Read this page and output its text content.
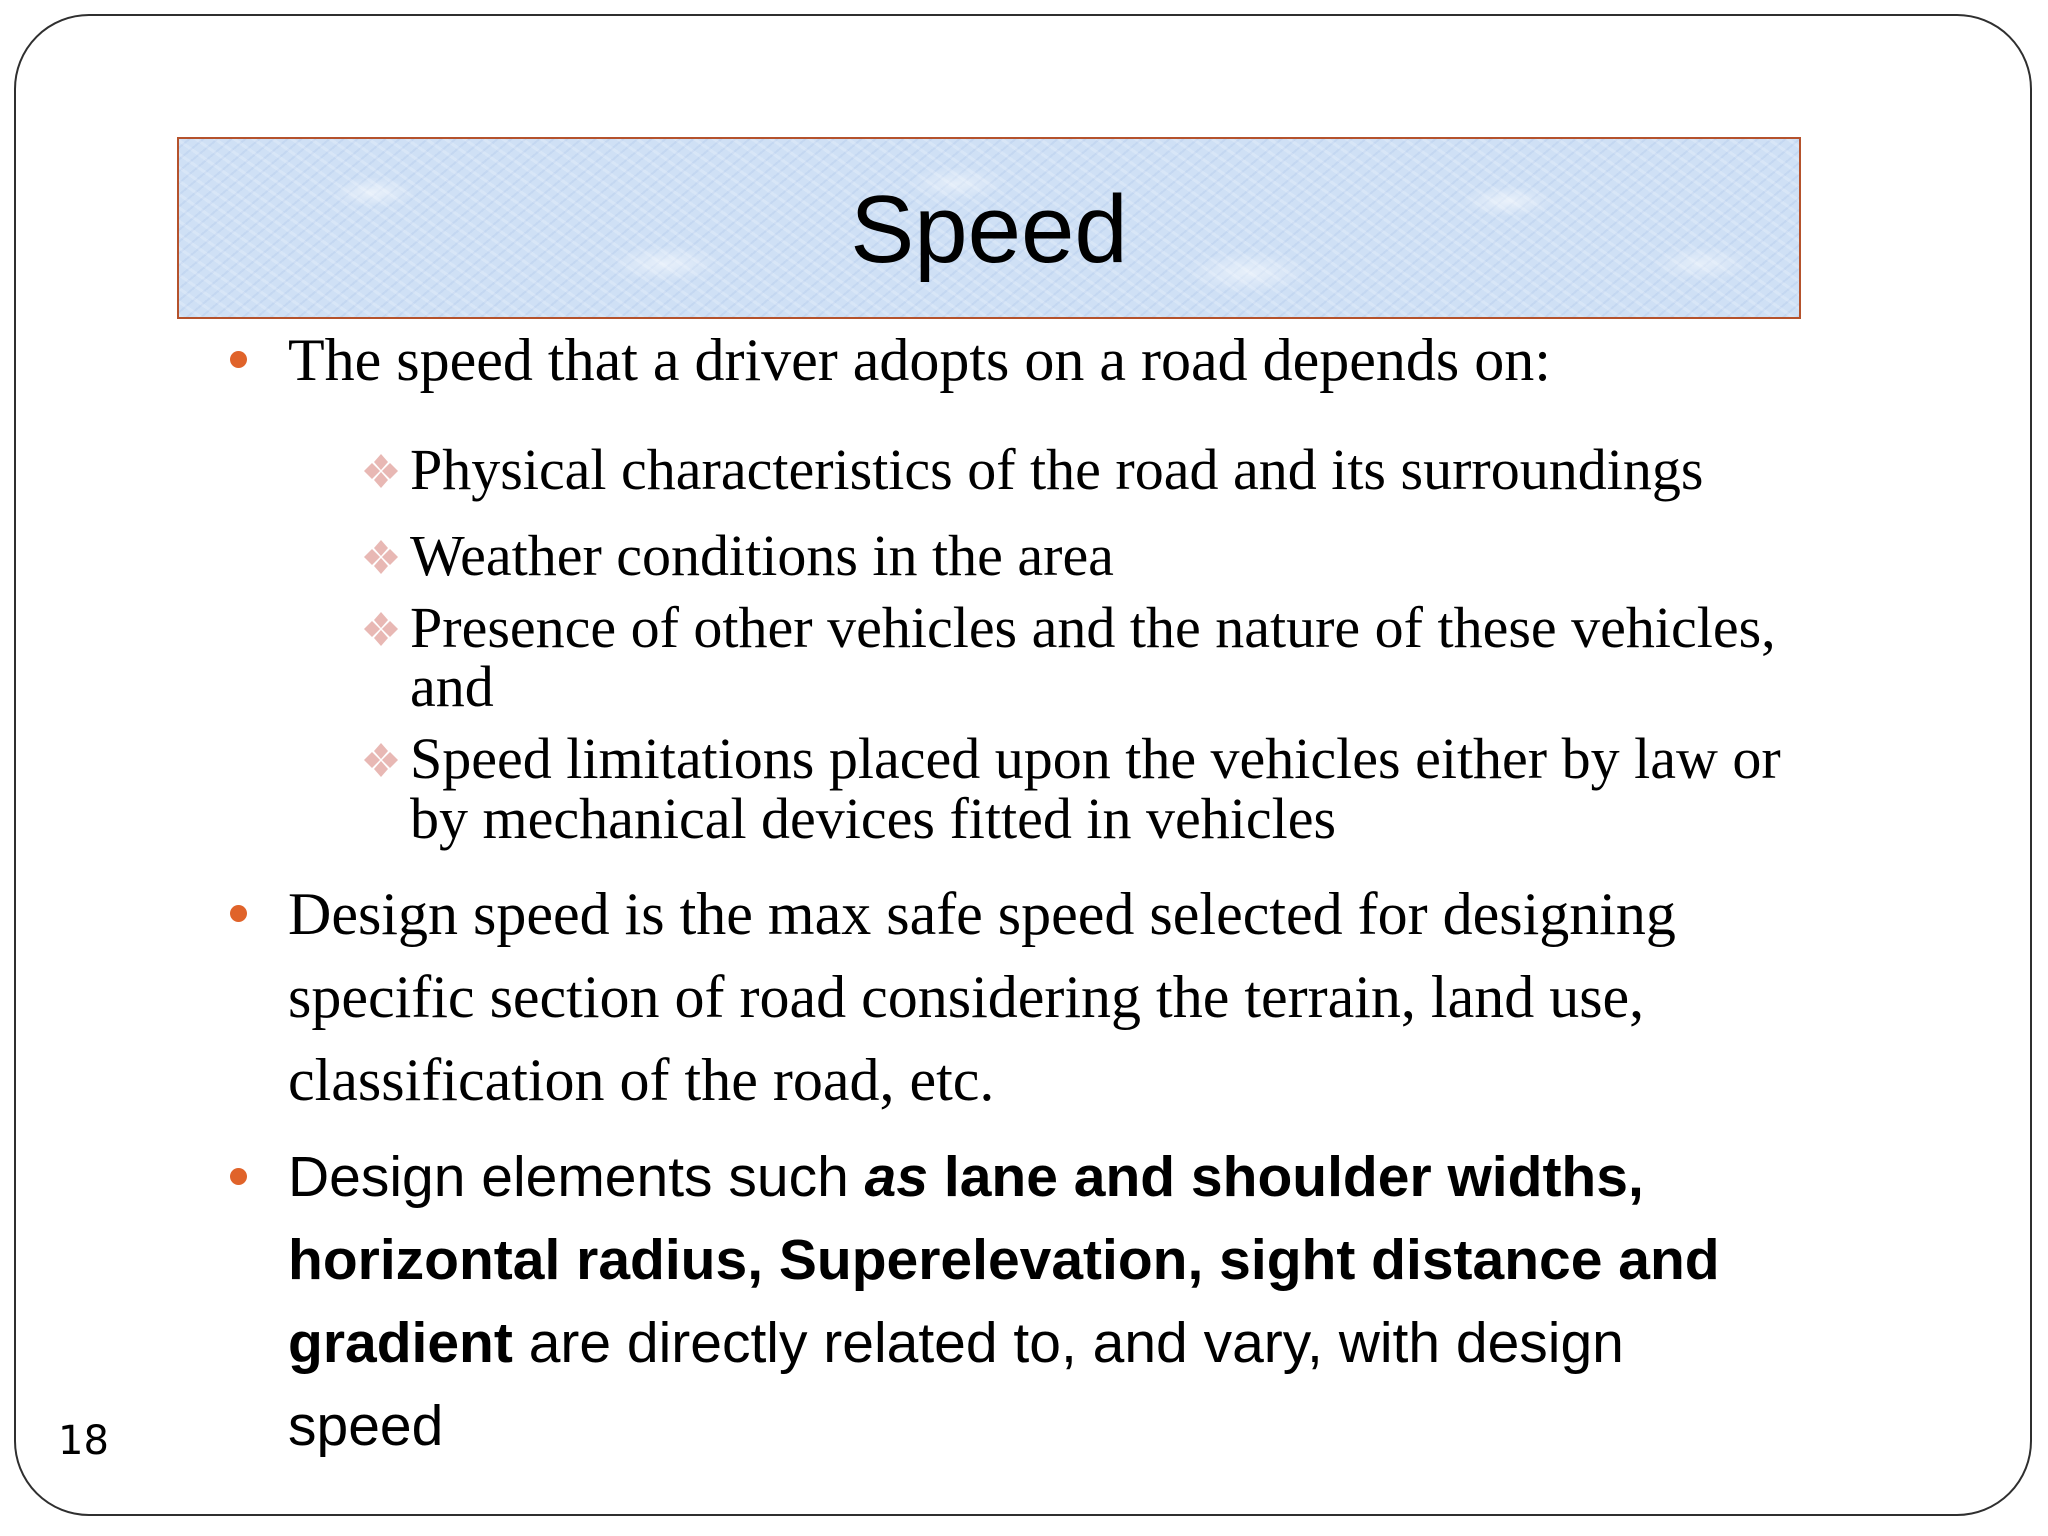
Speed
The speed that a driver adopts on a road depends on:
Physical characteristics of the road and its surroundings
Weather conditions in the area
Presence of other vehicles and the nature of these vehicles,
and
Speed limitations placed upon the vehicles either by law or
by mechanical devices fitted in vehicles
Design speed is the max safe speed selected for designing
specific section of road considering the terrain, land use,
classification of the road, etc.
Design elements such as lane and shoulder widths,
horizontal radius, Superelevation, sight distance and
gradient are directly related to, and vary, with design
speed
18
